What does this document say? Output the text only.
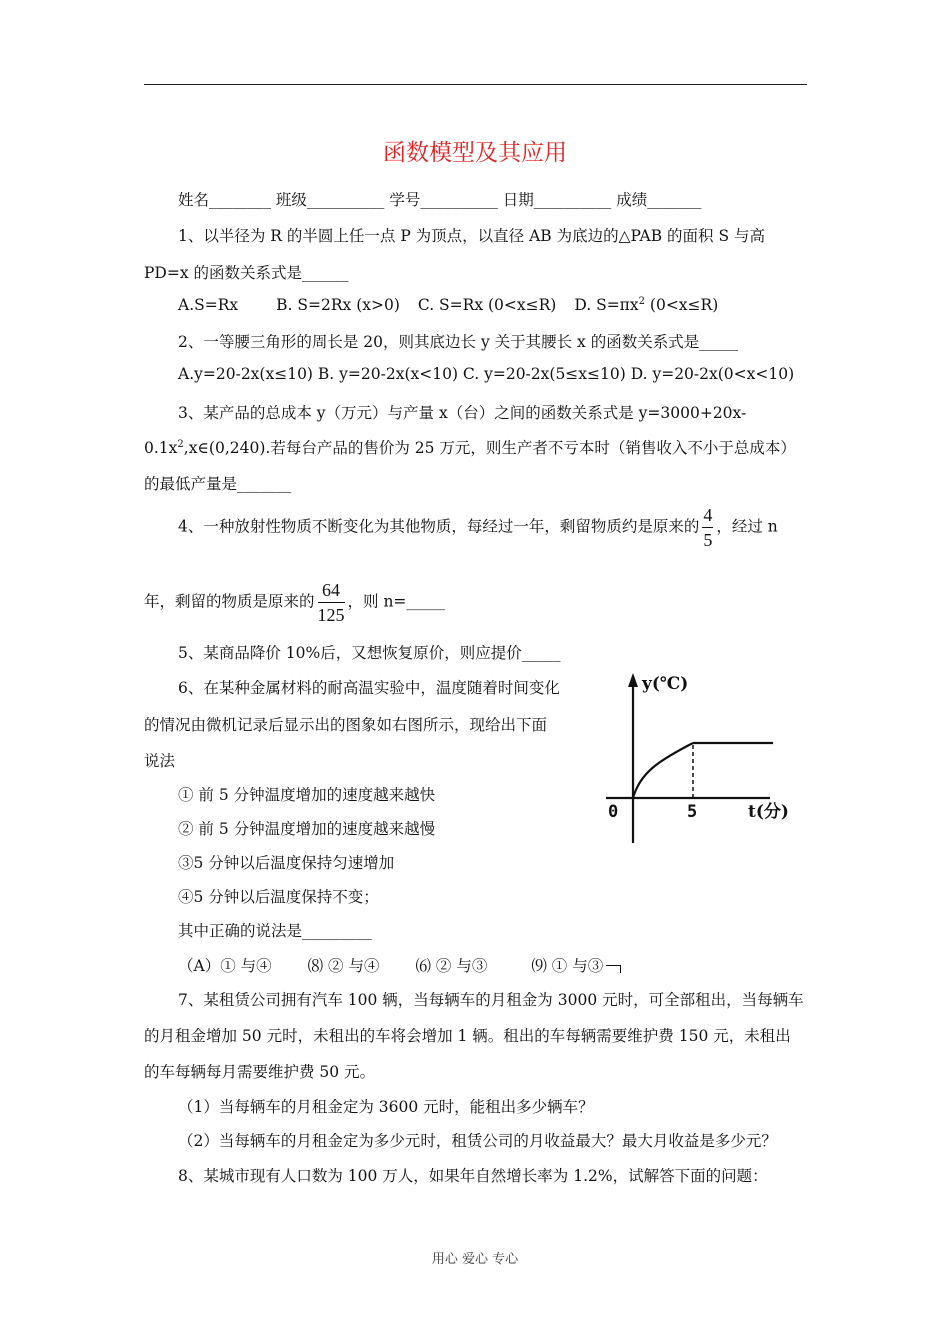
函数模型及其应用
姓名________ 班级__________ 学号__________ 日期__________ 成绩_______
1、以半径为 R 的半圆上任一点 P 为顶点，以直径 AB 为底边的△PAB 的面积 S 与高
PD=x 的函数关系式是______
A.S=Rx B. S=2Rx (x>0) C. S=Rx (0<x≤R) D. $S=\pi x^2$ (0<x≤R)
2、一等腰三角形的周长是 20，则其底边长 y 关于其腰长 x 的函数关系式是_____
A.y=20-2x(x≤10) B. y=20-2x(x<10) C. y=20-2x(5≤x≤10) D. y=20-2x(0<x<10)
3、某产品的总成本 y（万元）与产量 x（台）之间的函数关系式是 y=3000+20x-
$0.1x^2,x\in(0,240)$.若每台产品的售价为 25 万元，则生产者不亏本时（销售收入不小于总成本）
的最低产量是_______
4、一种放射性物质不断变化为其他物质，每经过一年，剩留物质约是原来的 $\frac{4}{5}$ ，经过 n
年，剩留的物质是原来的 $\frac{64}{125}$ ，则 n=_____
5、某商品降价 10%后，又想恢复原价，则应提价_____
6、在某种金属材料的耐高温实验中，温度随着时间变化
的情况由微机记录后显示出的图象如右图所示，现给出下面
说法
① 前 5 分钟温度增加的速度越来越快
② 前 5 分钟温度增加的速度越来越慢
③5 分钟以后温度保持匀速增加
④5 分钟以后温度保持不变；
其中正确的说法是_________
（A）① 与④ ⑻ ② 与④ ⑹ ② 与③	⑼ ① 与③
y(℃)
0	5	t(分)
7、某租赁公司拥有汽车 100 辆，当每辆车的月租金为 3000 元时，可全部租出，当每辆车
的月租金增加 50 元时，未租出的车将会增加 1 辆。租出的车每辆需要维护费 150 元，未租出
的车每辆每月需要维护费 50 元。
（1）当每辆车的月租金定为 3600 元时，能租出多少辆车？
（2）当每辆车的月租金定为多少元时，租赁公司的月收益最大？最大月收益是多少元？
8、某城市现有人口数为 100 万人，如果年自然增长率为 1.2%，试解答下面的问题：
用心 爱心 专心
